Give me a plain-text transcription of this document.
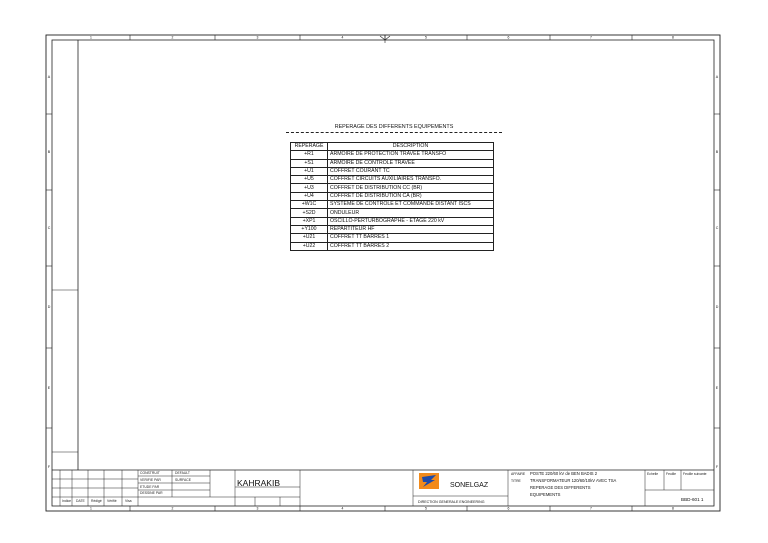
1
1
2
2
3
3
4
4
5
5
6
6
7
7
8
8
A	A
B	B
C	C
D	D
E	E
F	F
REPERAGE DES DIFFERENTS EQUIPEMENTS
REPERAGE	DESCRIPTION
+R1	ARMOIRE DE PROTECTION TRAVEE TRANSFO
+S1	ARMOIRE DE CONTROLE TRAVEE
+U1	COFFRET COURANT TC
+U5	COFFRET CIRCUITS AUXILIAIRES TRANSFO.
+U3	COFFRET DE DISTRIBUTION CC (BR)
+U4	COFFRET DE DISTRIBUTION CA (BR)
+W1C	SYSTEME DE CONTROLE ET COMMANDE DISTANT ISCS
+S2D	ONDULEUR
+XP1	OSCILLO-PERTURBOGRAPHE - ETAGE 220 kV
+Y100	REPARTITEUR HF
+U21	COFFRET TT BARRES 1
+U22	COFFRET TT BARRES 2
KAHRAKIB	SONELGAZ
DIRECTION GENERALE ENGINEERING
AFFAIRE POSTE 220/60 kV de BEN BADIS 2
TITRE TRANSFORMATEUR 120/60/10kV AVEC TSA
REPERAGE DES DIFFERENTS
EQUIPEMENTS
BBD-601 1
CONSTRUIT
VERIFIE PAR
ETUDE PAR
DESSINE PAR
DEFAULT
SURFACE
Echelle Feuille Feuille suivante
Indice DATE Rédigé Vérifié Visa
